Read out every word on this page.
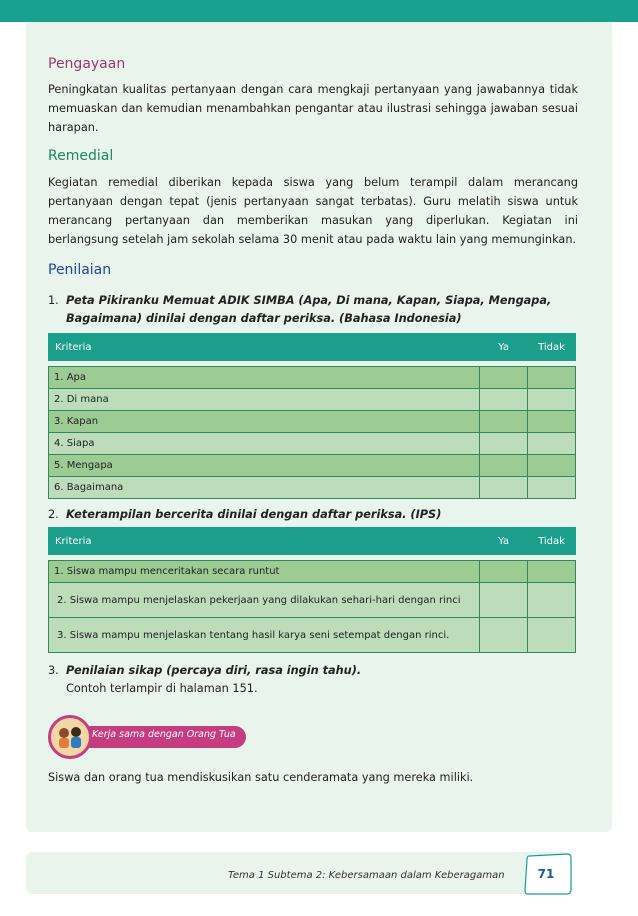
Pengayaan
Peningkatan kualitas pertanyaan dengan cara mengkaji pertanyaan yang jawabannya tidak memuaskan dan kemudian menambahkan pengantar atau ilustrasi sehingga jawaban sesuai harapan.
Remedial
Kegiatan remedial diberikan kepada siswa yang belum terampil dalam merancang pertanyaan dengan tepat (jenis pertanyaan sangat terbatas). Guru melatih siswa untuk merancang pertanyaan dan memberikan masukan yang diperlukan. Kegiatan ini berlangsung setelah jam sekolah selama 30 menit atau pada waktu lain yang memunginkan.
Penilaian
1. Peta Pikiranku Memuat ADIK SIMBA (Apa, Di mana, Kapan, Siapa, Mengapa, Bagaimana) dinilai dengan daftar periksa. (Bahasa Indonesia)
Kriteria	Ya	Tidak

1. Apa		
2. Di mana		
3. Kapan		
4. Siapa		
5. Mengapa		
6. Bagaimana		
2. Keterampilan bercerita dinilai dengan daftar periksa. (IPS)
Kriteria	Ya	Tidak

1. Siswa mampu menceritakan secara runtut		
2. Siswa mampu menjelaskan pekerjaan yang dilakukan sehari-hari dengan rinci		
3. Siswa mampu menjelaskan tentang hasil karya seni setempat dengan rinci.		
3. Penilaian sikap (percaya diri, rasa ingin tahu).
Contoh terlampir di halaman 151.
Kerja sama dengan Orang Tua
Siswa dan orang tua mendiskusikan satu cenderamata yang mereka miliki.
Tema 1 Subtema 2: Kebersamaan dalam Keberagaman	71
